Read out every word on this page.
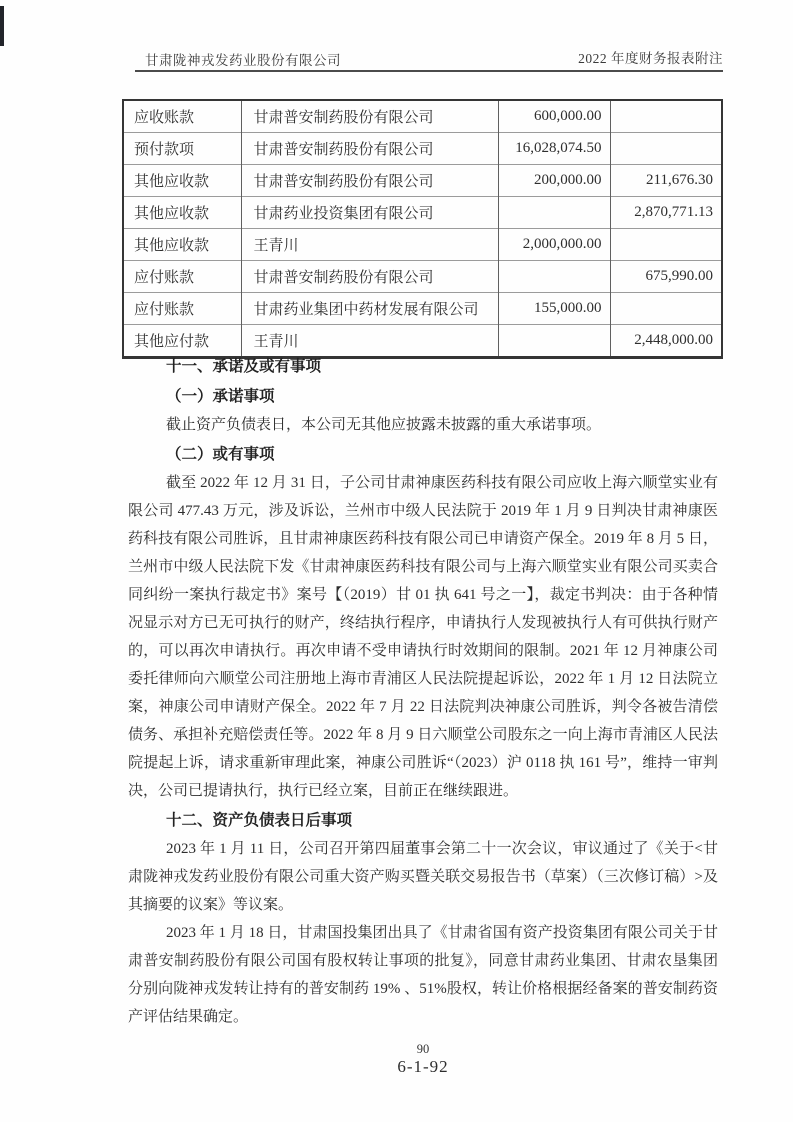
甘肃陇神戎发药业股份有限公司	2022 年度财务报表附注
应收账款	甘肃普安制药股份有限公司	600,000.00	
预付款项	甘肃普安制药股份有限公司	16,028,074.50	
其他应收款	甘肃普安制药股份有限公司	200,000.00	211,676.30
其他应收款	甘肃药业投资集团有限公司		2,870,771.13
其他应收款	王青川	2,000,000.00	
应付账款	甘肃普安制药股份有限公司		675,990.00
应付账款	甘肃药业集团中药材发展有限公司	155,000.00	
其他应付款	王青川		2,448,000.00
十一、承诺及或有事项
（一）承诺事项

截止资产负债表日，本公司无其他应披露未披露的重大承诺事项。

（二）或有事项

截至 2022 年 12 月 31 日，子公司甘肃神康医药科技有限公司应收上海六顺堂实业有限公司 477.43 万元，涉及诉讼，兰州市中级人民法院于 2019 年 1 月 9 日判决甘肃神康医药科技有限公司胜诉，且甘肃神康医药科技有限公司已申请资产保全。2019 年 8 月 5 日，兰州市中级人民法院下发《甘肃神康医药科技有限公司与上海六顺堂实业有限公司买卖合同纠纷一案执行裁定书》案号【（2019）甘 01 执 641 号之一】，裁定书判决：由于各种情况显示对方已无可执行的财产，终结执行程序，申请执行人发现被执行人有可供执行财产的，可以再次申请执行。再次申请不受申请执行时效期间的限制。2021 年 12 月神康公司委托律师向六顺堂公司注册地上海市青浦区人民法院提起诉讼，2022 年 1 月 12 日法院立案，神康公司申请财产保全。2022 年 7 月 22 日法院判决神康公司胜诉，判令各被告清偿债务、承担补充赔偿责任等。2022 年 8 月 9 日六顺堂公司股东之一向上海市青浦区人民法院提起上诉，请求重新审理此案，神康公司胜诉“（2023）沪 0118 执 161 号”，维持一审判决，公司已提请执行，执行已经立案，目前正在继续跟进。

十二、资产负债表日后事项

2023 年 1 月 11 日，公司召开第四届董事会第二十一次会议，审议通过了《关于<甘肃陇神戎发药业股份有限公司重大资产购买暨关联交易报告书（草案）（三次修订稿）>及其摘要的议案》等议案。

2023 年 1 月 18 日，甘肃国投集团出具了《甘肃省国有资产投资集团有限公司关于甘肃普安制药股份有限公司国有股权转让事项的批复》，同意甘肃药业集团、甘肃农垦集团分别向陇神戎发转让持有的普安制药 19% 、51%股权，转让价格根据经备案的普安制药资产评估结果确定。

90
6-1-92
